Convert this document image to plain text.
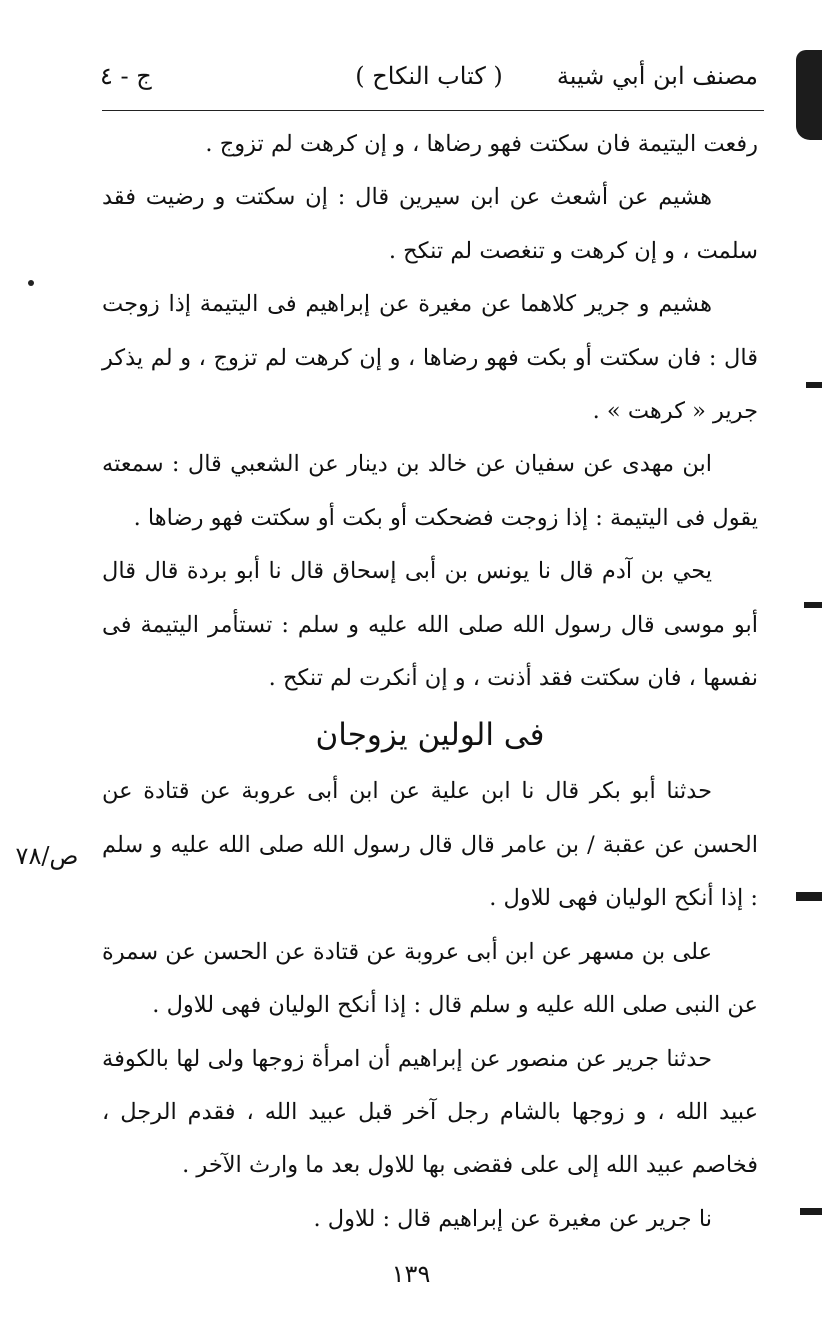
مصنف ابن أبي شيبة
( كتاب النكاح )
ج - ٤

رفعت اليتيمة فان سكتت فهو رضاها ، و إن كرهت لم تزوج .

هشيم عن أشعث عن ابن سيرين قال : إن سكتت و رضيت فقد سلمت ، و إن كرهت و تنغصت لم تنكح .

هشيم و جرير كلاهما عن مغيرة عن إبراهيم فى اليتيمة إذا زوجت قال : فان سكتت أو بكت فهو رضاها ، و إن كرهت لم تزوج ، و لم يذكر جرير « كرهت » .

ابن مهدى عن سفيان عن خالد بن دينار عن الشعبي قال : سمعته يقول فى اليتيمة : إذا زوجت فضحكت أو بكت أو سكتت فهو رضاها .

يحي بن آدم قال نا يونس بن أبى إسحاق قال نا أبو بردة قال قال أبو موسى قال رسول الله صلى الله عليه و سلم : تستأمر اليتيمة فى نفسها ، فان سكتت فقد أذنت ، و إن أنكرت لم تنكح .

فى الولين يزوجان

حدثنا أبو بكر قال نا ابن علية عن ابن أبى عروبة عن قتادة عن الحسن عن عقبة / بن عامر قال قال رسول الله صلى الله عليه و سلم : إذا أنكح الوليان فهى للاول .

على بن مسهر عن ابن أبى عروبة عن قتادة عن الحسن عن سمرة عن النبى صلى الله عليه و سلم قال : إذا أنكح الوليان فهى للاول .

حدثنا جرير عن منصور عن إبراهيم أن امرأة زوجها ولى لها بالكوفة عبيد الله ، و زوجها بالشام رجل آخر قبل عبيد الله ، فقدم الرجل ، فخاصم عبيد الله إلى على فقضى بها للاول بعد ما وارث الآخر .

نا جرير عن مغيرة عن إبراهيم قال : للاول .

ص/٧٨
١٣٩
